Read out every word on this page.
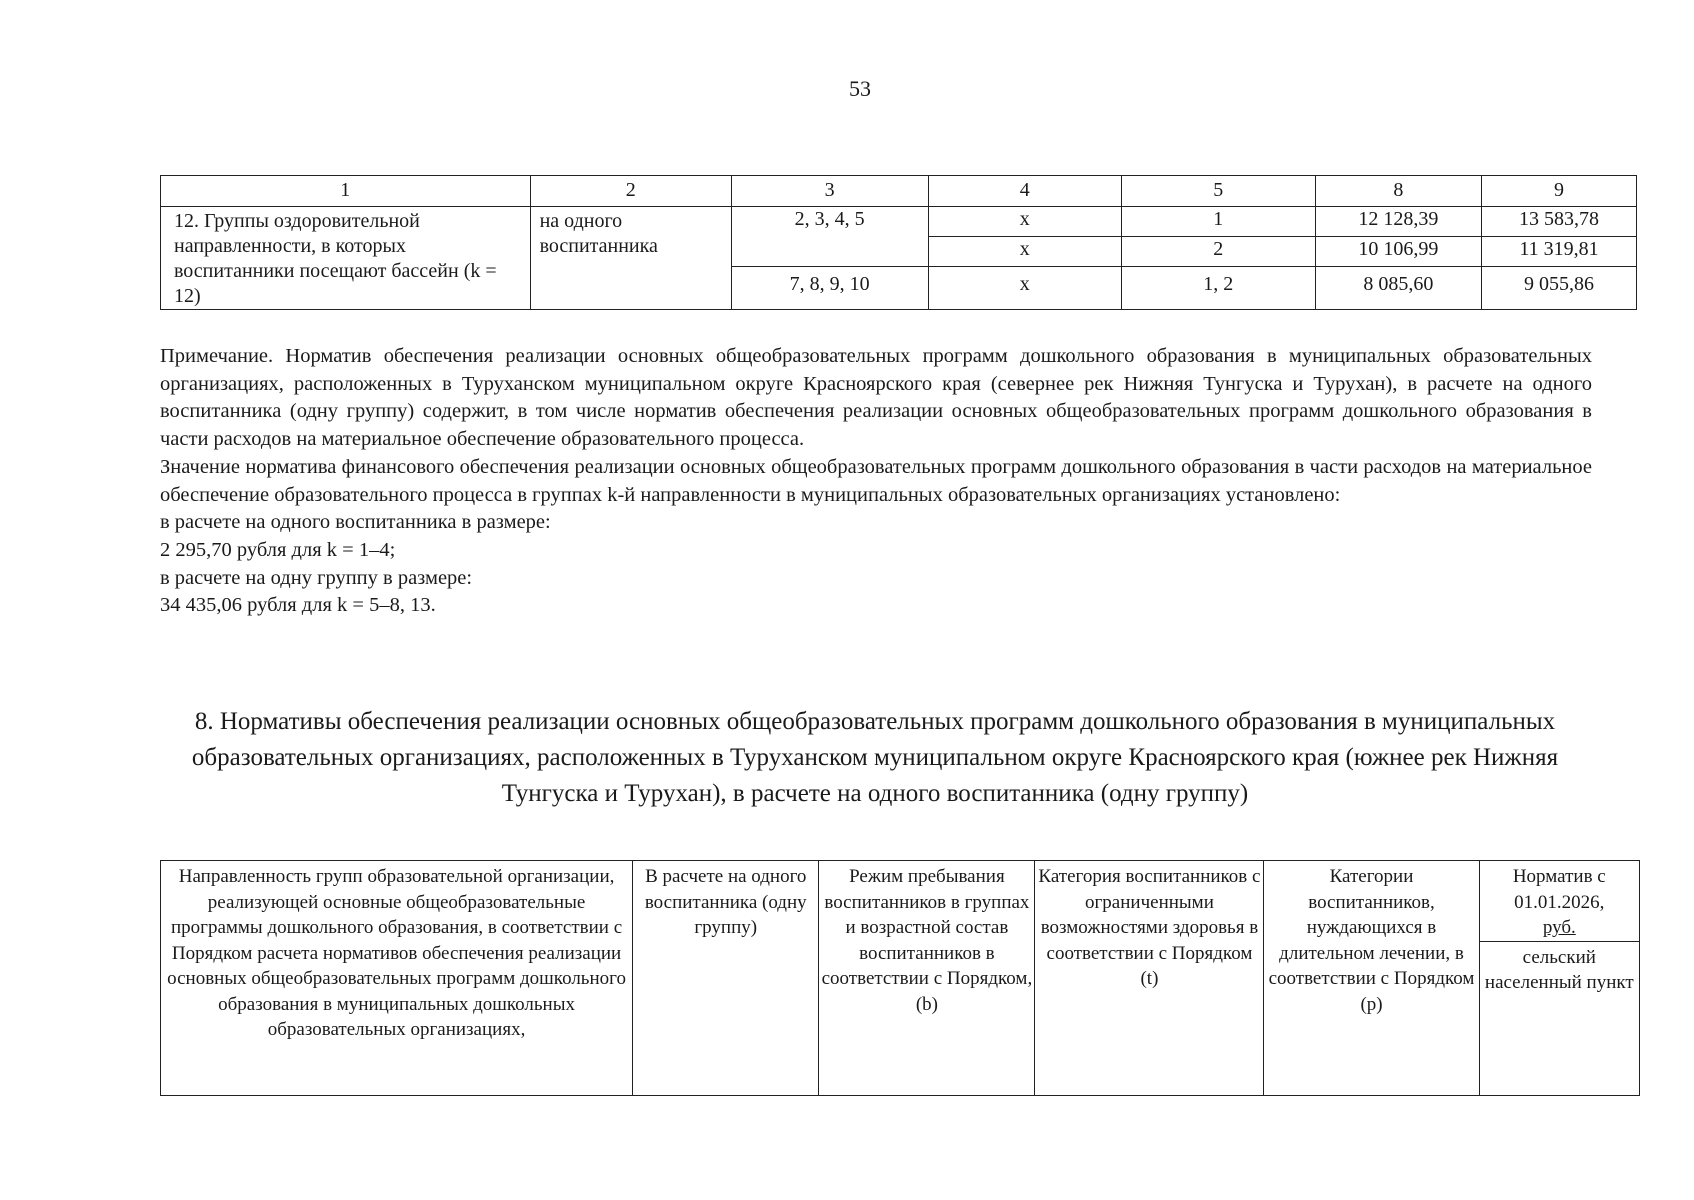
53
1	2	3	4	5	8	9
12. Группы оздоровительной направленности, в которых воспитанники посещают бассейн (k = 12)	на одного воспитанника	2, 3, 4, 5	х	1	12 128,39	13 583,78
			х	2	10 106,99	11 319,81
		7, 8, 9, 10	х	1, 2	8 085,60	9 055,86

Примечание. Норматив обеспечения реализации основных общеобразовательных программ дошкольного образования в муниципальных образовательных организациях, расположенных в Туруханском муниципальном округе Красноярского края (севернее рек Нижняя Тунгуска и Турухан), в расчете на одного воспитанника (одну группу) содержит, в том числе норматив обеспечения реализации основных общеобразовательных программ дошкольного образования в части расходов на материальное обеспечение образовательного процесса.

Значение норматива финансового обеспечения реализации основных общеобразовательных программ дошкольного образования в части расходов на материальное обеспечение образовательного процесса в группах k-й направленности в муниципальных образовательных организациях установлено:

в расчете на одного воспитанника в размере:
2 295,70 рубля для k = 1–4;
в расчете на одну группу в размере:
34 435,06 рубля для k = 5–8, 13.
8. Нормативы обеспечения реализации основных общеобразовательных программ дошкольного образования в муниципальных образовательных организациях, расположенных в Туруханском муниципальном округе Красноярского края (южнее рек Нижняя Тунгуска и Турухан), в расчете на одного воспитанника (одну группу)
Направленность групп образовательной организации, реализующей основные общеобразовательные программы дошкольного образования, в соответствии с Порядком расчета нормативов обеспечения реализации основных общеобразовательных программ дошкольного образования в муниципальных дошкольных образовательных организациях,	В расчете на одного воспитанника (одну группу)	Режим пребывания воспитанников в группах и возрастной состав воспитанников в соответствии с Порядком, (b)	Категория воспитанников с ограниченными возможностями здоровья в соответствии с Порядком (t)	Категории воспитанников, нуждающихся в длительном лечении, в соответствии с Порядком (p)	Норматив с 01.01.2026,
руб.
сельский населенный пункт
